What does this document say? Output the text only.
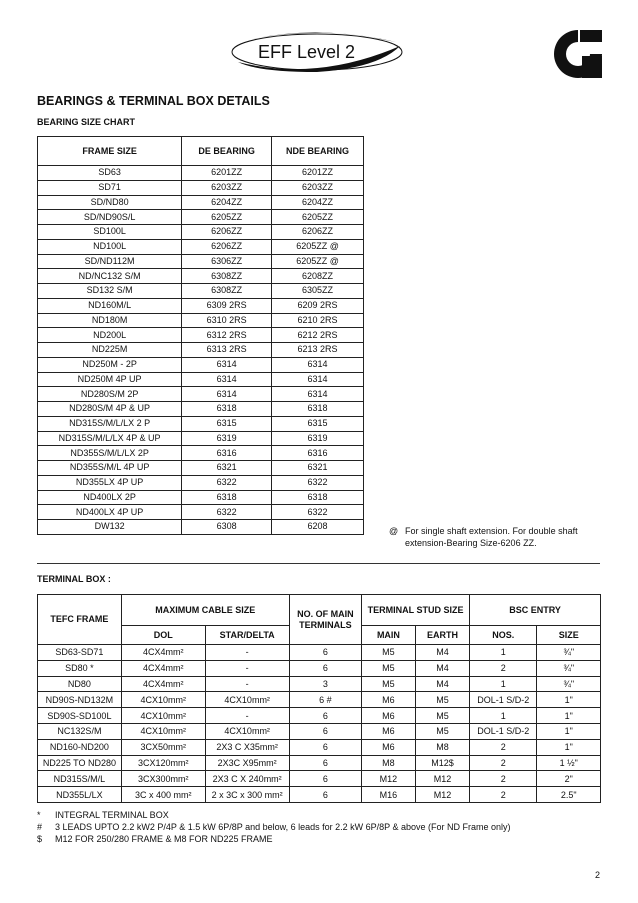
EFF Level 2
BEARINGS & TERMINAL BOX DETAILS
BEARING SIZE CHART
FRAME SIZE	DE BEARING	NDE BEARING
SD63	6201ZZ	6201ZZ
SD71	6203ZZ	6203ZZ
SD/ND80	6204ZZ	6204ZZ
SD/ND90S/L	6205ZZ	6205ZZ
SD100L	6206ZZ	6206ZZ
ND100L	6206ZZ	6205ZZ @
SD/ND112M	6306ZZ	6205ZZ @
ND/NC132 S/M	6308ZZ	6208ZZ
SD132 S/M	6308ZZ	6305ZZ
ND160M/L	6309 2RS	6209 2RS
ND180M	6310 2RS	6210 2RS
ND200L	6312 2RS	6212 2RS
ND225M	6313 2RS	6213 2RS
ND250M - 2P	6314	6314
ND250M 4P UP	6314	6314
ND280S/M 2P	6314	6314
ND280S/M 4P & UP	6318	6318
ND315S/M/L/LX 2 P	6315	6315
ND315S/M/L/LX 4P & UP	6319	6319
ND355S/M/L/LX 2P	6316	6316
ND355S/M/L 4P UP	6321	6321
ND355LX 4P UP	6322	6322
ND400LX 2P	6318	6318
ND400LX 4P UP	6322	6322
DW132	6308	6208	@ For single shaft extension. For double shaft extension-Bearing Size-6206 ZZ.
TERMINAL BOX :
TEFC FRAME	MAXIMUM CABLE SIZE		NO. OF MAIN TERMINALS	TERMINAL STUD SIZE		BSC ENTRY	
	DOL	STAR/DELTA		MAIN	EARTH	NOS.	SIZE
SD63-SD71	4CX4mm²	-	6	M5	M4	1	¾"
SD80 *	4CX4mm²	-	6	M5	M4	2	¾"
ND80	4CX4mm²	-	3	M5	M4	1	¾"
ND90S-ND132M	4CX10mm²	4CX10mm²	6 #	M6	M5	DOL-1 S/D-2	1"
SD90S-SD100L	4CX10mm²	-	6	M6	M5	1	1"
NC132S/M	4CX10mm²	4CX10mm²	6	M6	M5	DOL-1 S/D-2	1"
ND160-ND200	3CX50mm²	2X3 C X35mm²	6	M6	M8	2	1"
ND225 TO ND280	3CX120mm²	2X3C X95mm²	6	M8	M12$	2	1 ½"
ND315S/M/L	3CX300mm²	2X3 C X 240mm²	6	M12	M12	2	2"
ND355L/LX	3C x 400 mm²	2 x 3C x 300 mm²	6	M16	M12	2	2.5"
* INTEGRAL TERMINAL BOX
# 3 LEADS UPTO 2.2 kW2 P/4P & 1.5 kW 6P/8P and below, 6 leads for 2.2 kW 6P/8P & above (For ND Frame only)
$ M12 FOR 250/280 FRAME & M8 FOR ND225 FRAME
2
